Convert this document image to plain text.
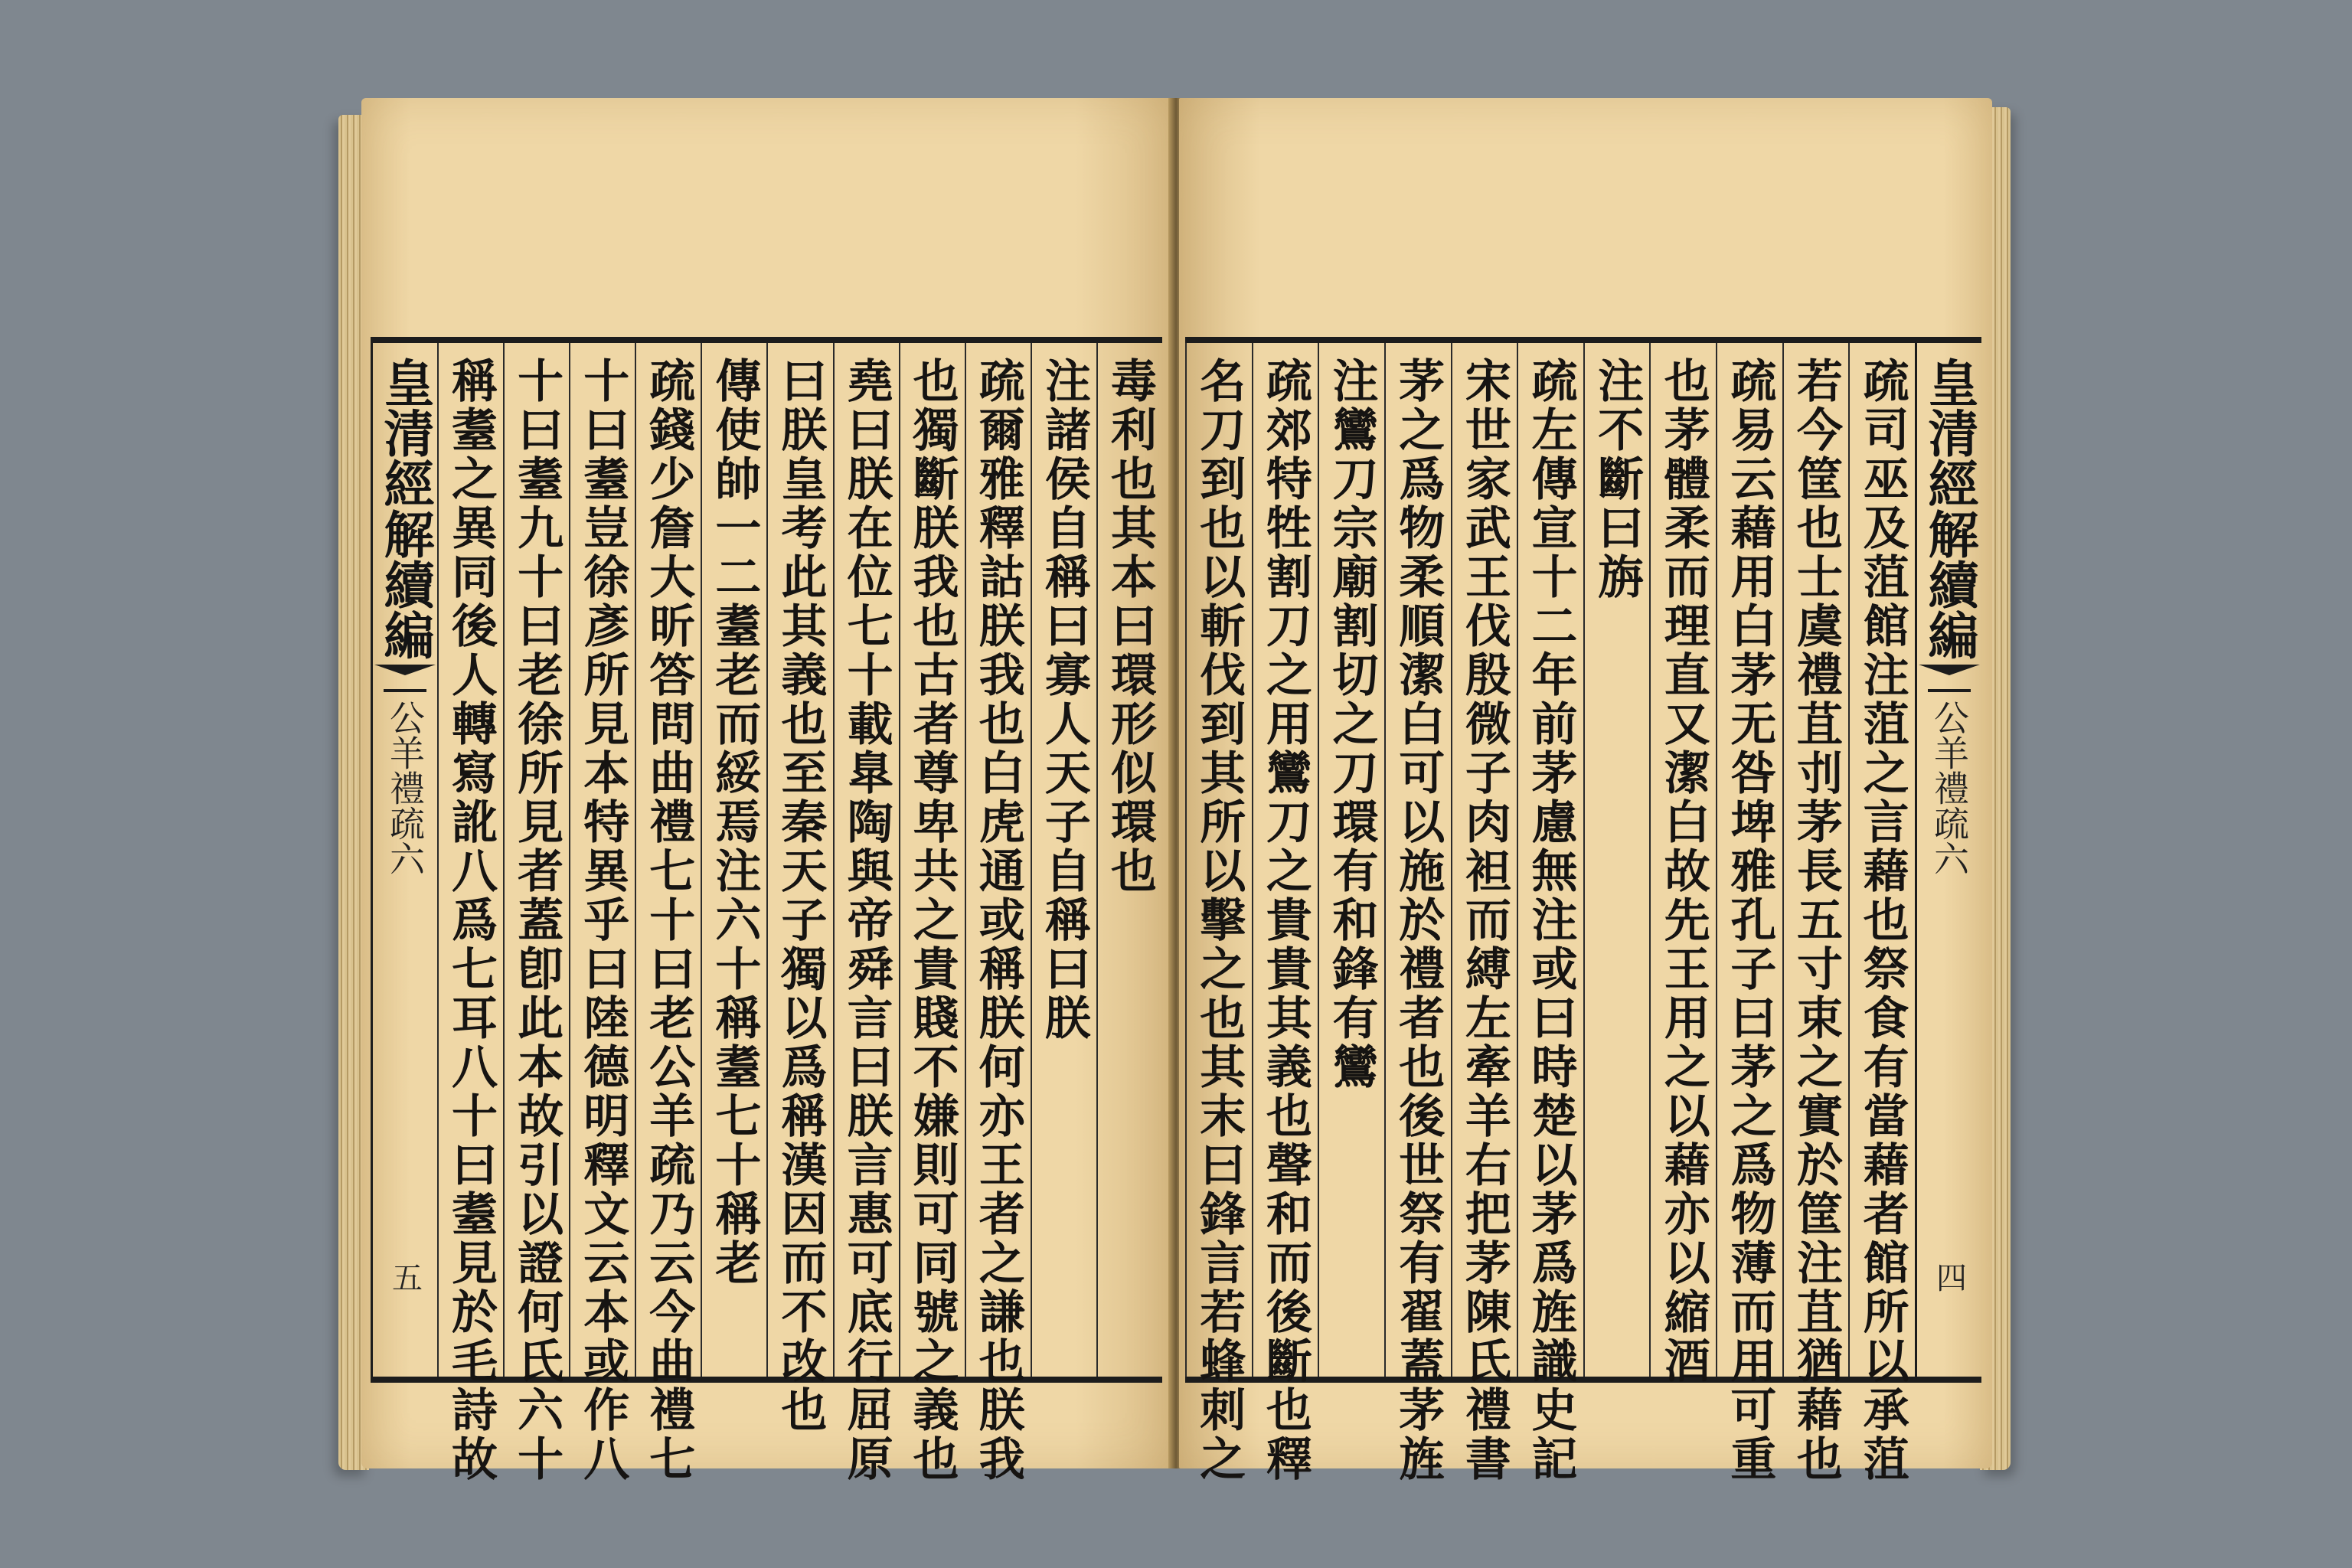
毒利也其本曰環形似環也
注諸侯自稱曰寡人天子自稱曰朕
疏爾雅釋詁朕我也白虎通或稱朕何亦王者之謙也朕我
也獨斷朕我也古者尊卑共之貴賤不嫌則可同號之義也
堯曰朕在位七十載臯陶與帝舜言曰朕言惠可底行屈原
曰朕皇考此其義也至秦天子獨以爲稱漢因而不改也
傳使帥一二耋老而綏焉注六十稱耋七十稱老
疏錢少詹大昕答問曲禮七十曰老公羊疏乃云今曲禮七
十曰耋豈徐彥所見本特異乎曰陸德明釋文云本或作八
十曰耋九十曰老徐所見者蓋卽此本故引以證何氏六十
稱耋之異同後人轉寫訛八爲七耳八十曰耋見於毛詩故
皇清經解續編
公羊禮疏六
五
皇清經解續編
公羊禮疏六
四
疏司巫及菹館注菹之言藉也祭食有當藉者館所以承菹
若今筐也士虞禮苴刌茅長五寸束之實於筐注苴猶藉也
疏易云藉用白茅无咎埤雅孔子曰茅之爲物薄而用可重
也茅體柔而理直又潔白故先王用之以藉亦以縮酒
注不斷曰旃
疏左傳宣十二年前茅慮無注或曰時楚以茅爲旌識史記
宋世家武王伐殷微子肉袒而縛左牽羊右把茅陳氏禮書
茅之爲物柔順潔白可以施於禮者也後世祭有翟蓋茅旌
注鸞刀宗廟割切之刀環有和鋒有鸞
疏郊特牲割刀之用鸞刀之貴貴其義也聲和而後斷也釋
名刀到也以斬伐到其所以擊之也其末曰鋒言若蜂刺之
